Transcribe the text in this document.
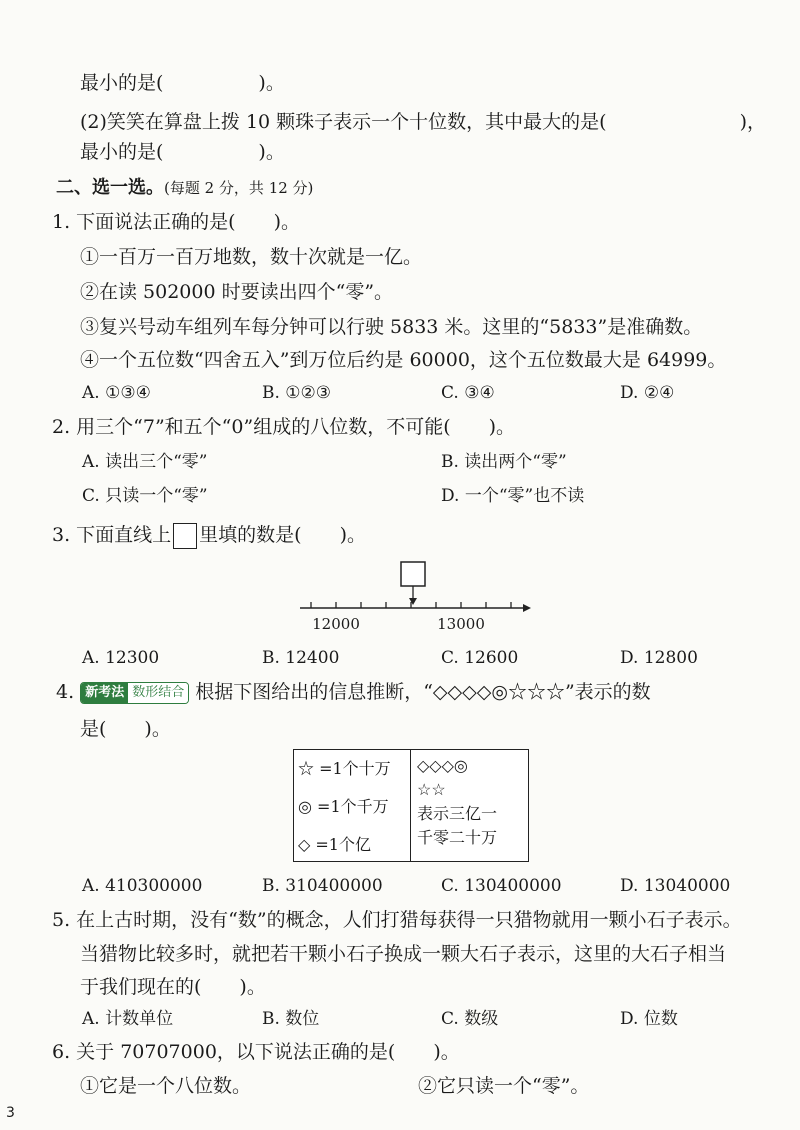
最小的是(　　　　　)。
(2)笑笑在算盘上拨 10 颗珠子表示一个十位数，其中最大的是(　　　　　　　)，
最小的是(　　　　　)。
二、选一选。(每题 2 分，共 12 分)
1. 下面说法正确的是(　　)。
①一百万一百万地数，数十次就是一亿。
②在读 502000 时要读出四个“零”。
③复兴号动车组列车每分钟可以行驶 5833 米。这里的“5833”是准确数。
④一个五位数“四舍五入”到万位后约是 60000，这个五位数最大是 64999。
A. ①③④	B. ①②③	C. ③④	D. ②④
2. 用三个“7”和五个“0”组成的八位数，不可能(　　)。
A. 读出三个“零”	B. 读出两个“零”
C. 只读一个“零”	D. 一个“零”也不读
3. 下面直线上 里填的数是(　　)。
12000	13000
A. 12300	B. 12400	C. 12600	D. 12800
4. 新考法 数形结合 根据下图给出的信息推断，“◇◇◇◇◎☆☆☆”表示的数
是(　　)。
☆ =1个十万
◎ =1个千万
◇ =1个亿
◇◇◇◎
☆☆
表示三亿一
千零二十万
A. 410300000	B. 310400000	C. 130400000	D. 13040000
5. 在上古时期，没有“数”的概念，人们打猎每获得一只猎物就用一颗小石子表示。
当猎物比较多时，就把若干颗小石子换成一颗大石子表示，这里的大石子相当
于我们现在的(　　)。
A. 计数单位	B. 数位	C. 数级	D. 位数
6. 关于 70707000，以下说法正确的是(　　)。
①它是一个八位数。	②它只读一个“零”。
3
